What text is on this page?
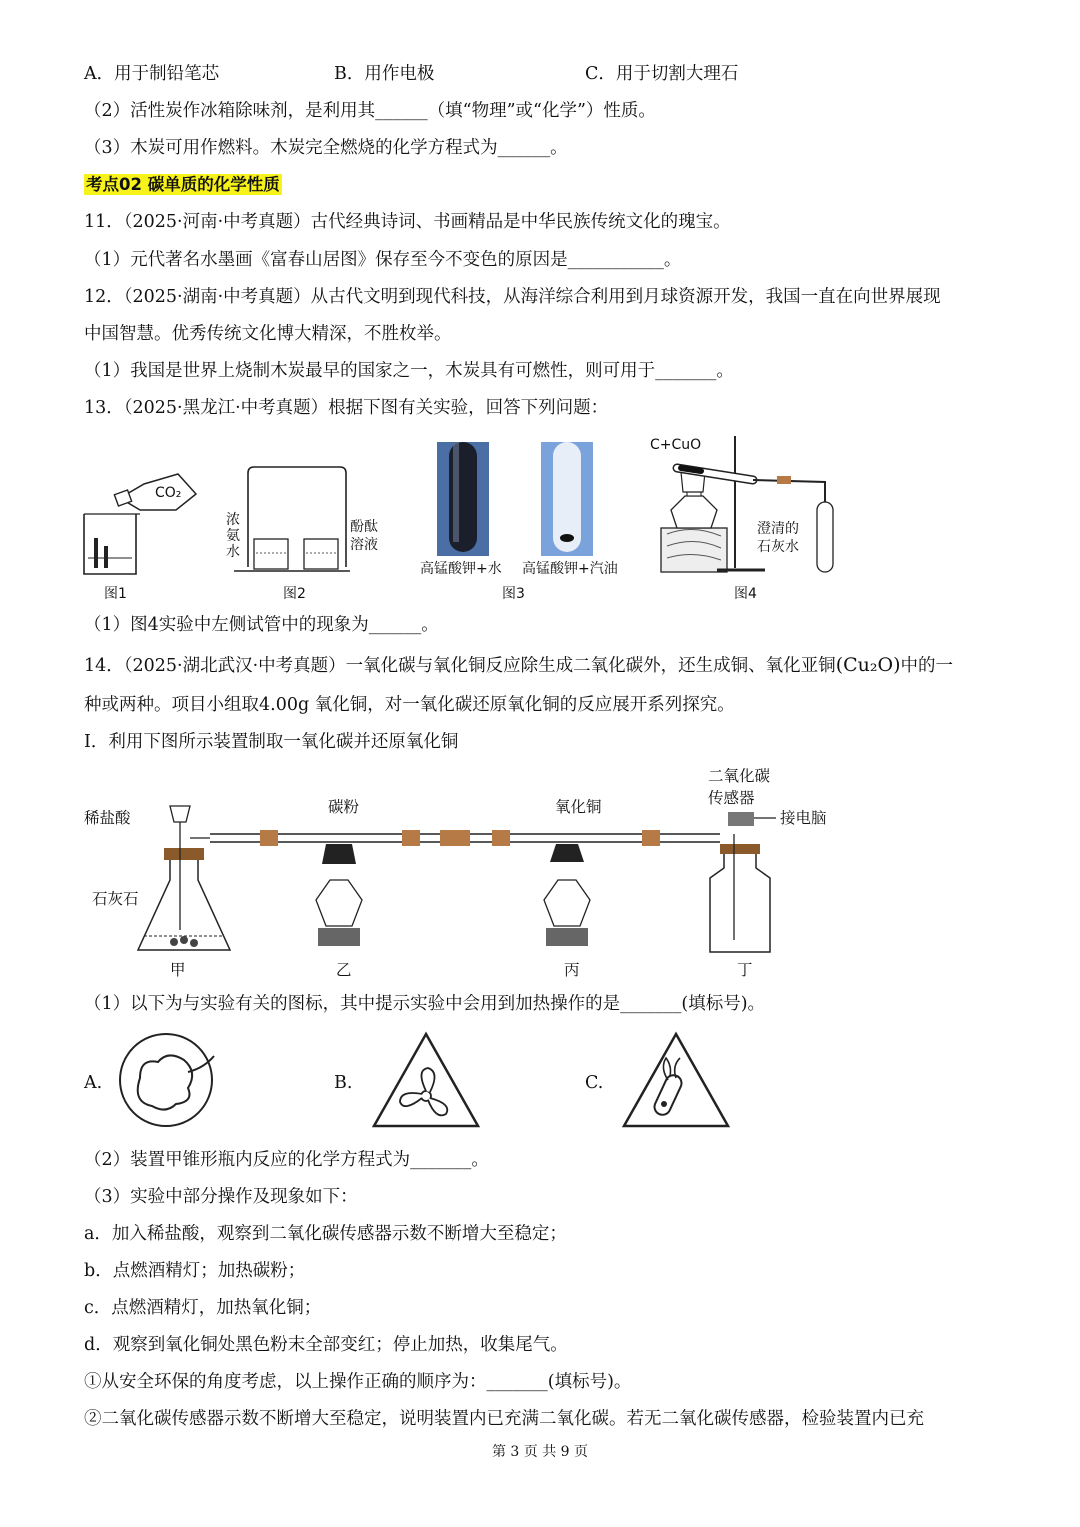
A．用于制铅笔芯	B．用作电极	C．用于切割大理石
（2）活性炭作冰箱除味剂，是利用其______（填“物理”或“化学”）性质。
（3）木炭可用作燃料。木炭完全燃烧的化学方程式为______。
考点02 碳单质的化学性质
11．（2025·河南·中考真题）古代经典诗词、书画精品是中华民族传统文化的瑰宝。
（1）元代著名水墨画《富春山居图》保存至今不变色的原因是___________。
12．（2025·湖南·中考真题）从古代文明到现代科技，从海洋综合利用到月球资源开发，我国一直在向世界展现
中国智慧。优秀传统文化博大精深，不胜枚举。
（1）我国是世界上烧制木炭最早的国家之一，木炭具有可燃性，则可用于_______。
13．（2025·黑龙江·中考真题）根据下图有关实验，回答下列问题：
CO₂
图1
浓
氨
水
酚酞
溶液
图2
高锰酸钾+水 高锰酸钾+汽油
图3
C+CuO
澄清的
石灰水
图4
（1）图4实验中左侧试管中的现象为______。
14．（2025·湖北武汉·中考真题）一氧化碳与氧化铜反应除生成二氧化碳外，还生成铜、氧化亚铜(Cu₂O)中的一
种或两种。项目小组取4.00g 氧化铜，对一氧化碳还原氧化铜的反应展开系列探究。
I．利用下图所示装置制取一氧化碳并还原氧化铜
稀盐酸
石灰石
碳粉	氧化铜
二氧化碳
传感器
接电脑
甲	乙	丙	丁
（1）以下为与实验有关的图标，其中提示实验中会用到加热操作的是_______(填标号)。
A.	B.	C.
（2）装置甲锥形瓶内反应的化学方程式为_______。
（3）实验中部分操作及现象如下：
a．加入稀盐酸，观察到二氧化碳传感器示数不断增大至稳定；
b．点燃酒精灯；加热碳粉；
c．点燃酒精灯，加热氧化铜；
d．观察到氧化铜处黑色粉末全部变红；停止加热，收集尾气。
①从安全环保的角度考虑，以上操作正确的顺序为：_______(填标号)。
②二氧化碳传感器示数不断增大至稳定，说明装置内已充满二氧化碳。若无二氧化碳传感器，检验装置内已充
第 3 页 共 9 页
